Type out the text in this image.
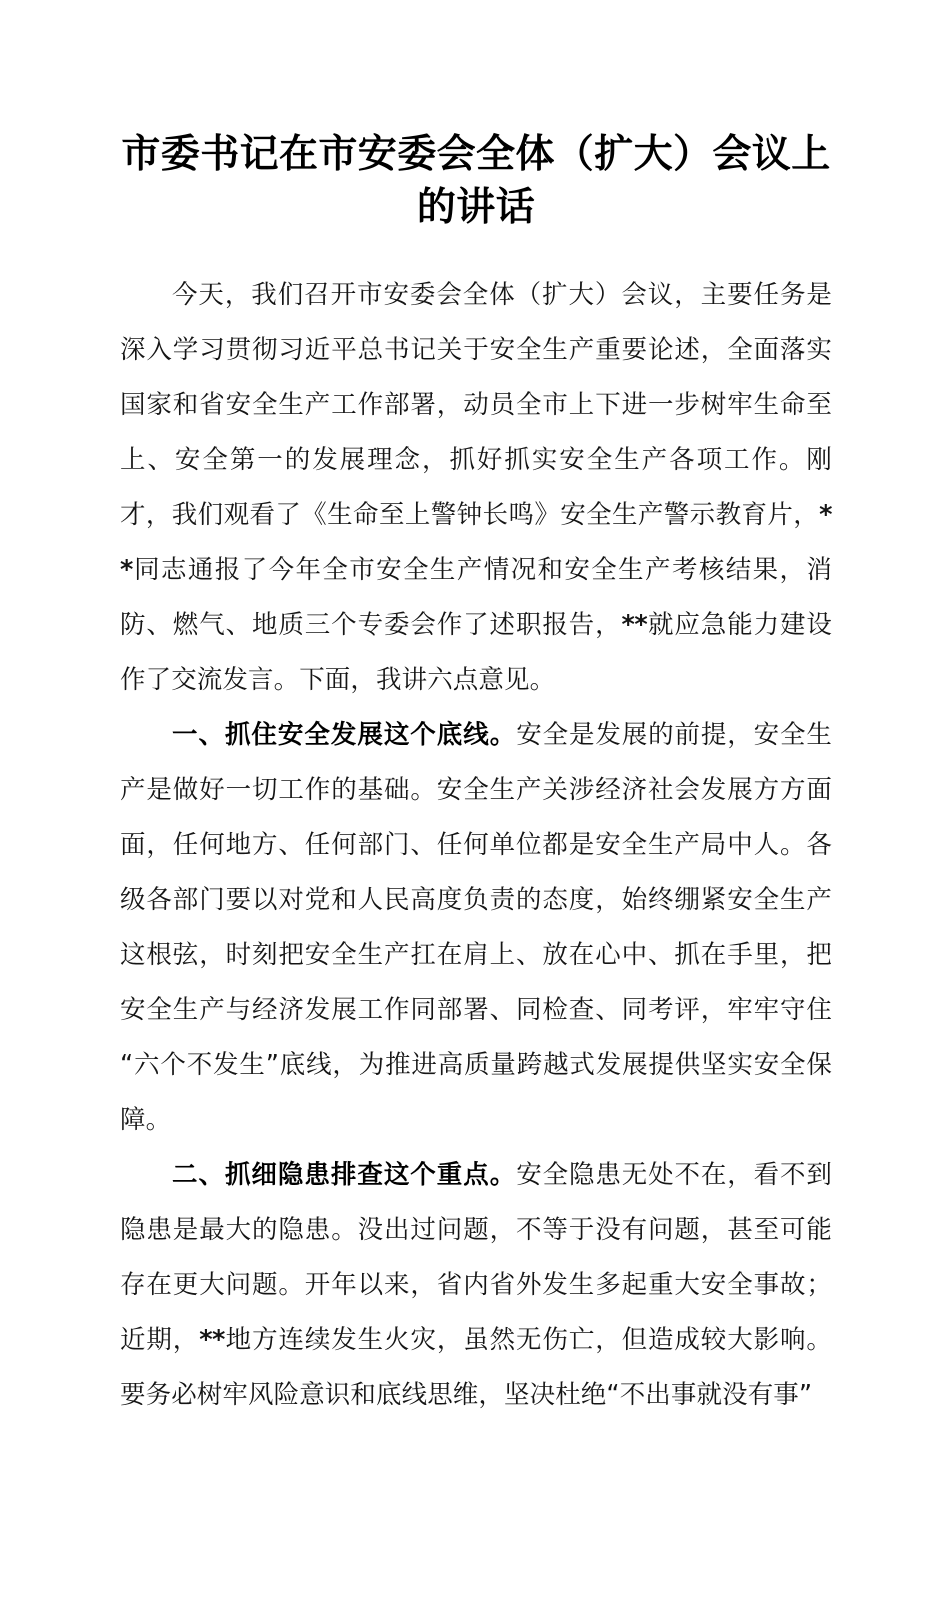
市委书记在市安委会全体（扩大）会议上的讲话

今天，我们召开市安委会全体（扩大）会议，主要任务是深入学习贯彻习近平总书记关于安全生产重要论述，全面落实国家和省安全生产工作部署，动员全市上下进一步树牢生命至上、安全第一的发展理念，抓好抓实安全生产各项工作。刚才，我们观看了《生命至上警钟长鸣》安全生产警示教育片，**同志通报了今年全市安全生产情况和安全生产考核结果，消防、燃气、地质三个专委会作了述职报告，**就应急能力建设作了交流发言。下面，我讲六点意见。

一、抓住安全发展这个底线。安全是发展的前提，安全生产是做好一切工作的基础。安全生产关涉经济社会发展方方面面，任何地方、任何部门、任何单位都是安全生产局中人。各级各部门要以对党和人民高度负责的态度，始终绷紧安全生产这根弦，时刻把安全生产扛在肩上、放在心中、抓在手里，把安全生产与经济发展工作同部署、同检查、同考评，牢牢守住“六个不发生”底线，为推进高质量跨越式发展提供坚实安全保障。

二、抓细隐患排查这个重点。安全隐患无处不在，看不到隐患是最大的隐患。没出过问题，不等于没有问题，甚至可能存在更大问题。开年以来，省内省外发生多起重大安全事故；近期，**地方连续发生火灾，虽然无伤亡，但造成较大影响。要务必树牢风险意识和底线思维，坚决杜绝“不出事就没有事”
